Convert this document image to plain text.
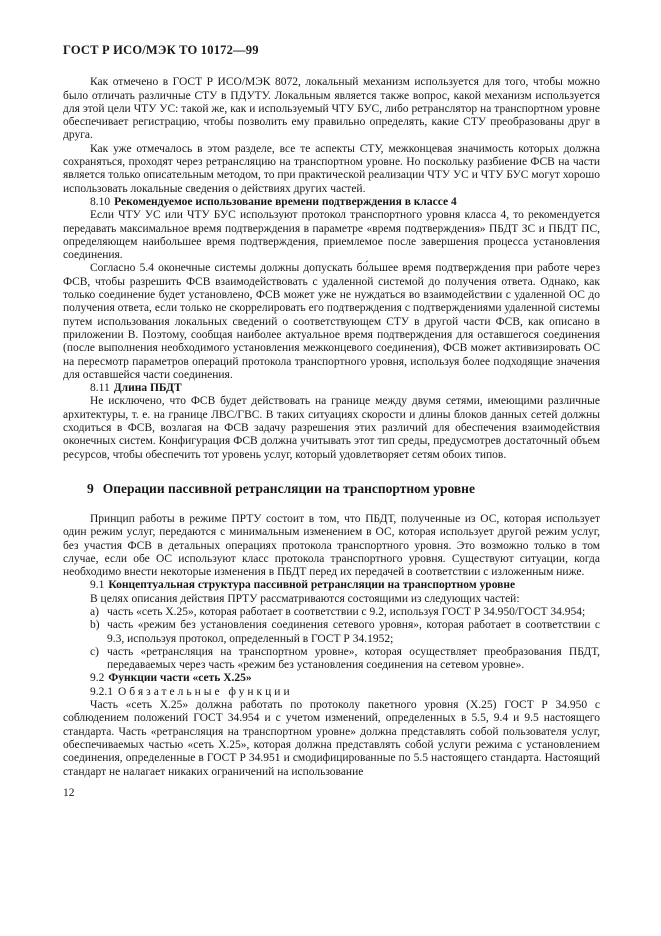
ГОСТ Р ИСО/МЭК ТО 10172—99

Как отмечено в ГОСТ Р ИСО/МЭК 8072, локальный механизм используется для того, чтобы можно было отличать различные СТУ в ПДУТУ. Локальным является также вопрос, какой механизм используется для этой цели ЧТУ УС: такой же, как и используемый ЧТУ БУС, либо ретранслятор на транспортном уровне обеспечивает регистрацию, чтобы позволить ему правильно определять, какие СТУ преобразованы друг в друга.

Как уже отмечалось в этом разделе, все те аспекты СТУ, межконцевая значимость которых должна сохраняться, проходят через ретрансляцию на транспортном уровне. Но поскольку разбиение ФСВ на части является только описательным методом, то при практической реализации ЧТУ УС и ЧТУ БУС могут хорошо использовать локальные сведения о действиях других частей.

8.10 Рекомендуемое использование времени подтверждения в классе 4

Если ЧТУ УС или ЧТУ БУС используют протокол транспортного уровня класса 4, то рекомендуется передавать максимальное время подтверждения в параметре «время подтверждения» ПБДТ ЗС и ПБДТ ПС, определяющем наибольшее время подтверждения, приемлемое после завершения процесса установления соединения.

Согласно 5.4 оконечные системы должны допускать бо́льшее время подтверждения при работе через ФСВ, чтобы разрешить ФСВ взаимодействовать с удаленной системой до получения ответа. Однако, как только соединение будет установлено, ФСВ может уже не нуждаться во взаимодействии с удаленной ОС до получения ответа, если только не скоррелировать его подтверждения с подтверждениями удаленной системы путем использования локальных сведений о соответствующем СТУ в другой части ФСВ, как описано в приложении В. Поэтому, сообщая наиболее актуальное время подтверждения для оставшегося соединения (после выполнения необходимого установления межконцевого соединения), ФСВ может активизировать ОС на пересмотр параметров операций протокола транспортного уровня, используя более подходящие значения для оставшейся части соединения.

8.11 Длина ПБДТ

Не исключено, что ФСВ будет действовать на границе между двумя сетями, имеющими различные архитектуры, т. е. на границе ЛВС/ГВС. В таких ситуациях скорости и длины блоков данных сетей должны сходиться в ФСВ, возлагая на ФСВ задачу разрешения этих различий для обеспечения взаимодействия оконечных систем. Конфигурация ФСВ должна учитывать этот тип среды, предусмотрев достаточный объем ресурсов, чтобы обеспечить тот уровень услуг, который удовлетворяет сетям обоих типов.

9 Операции пассивной ретрансляции на транспортном уровне

Принцип работы в режиме ПРТУ состоит в том, что ПБДТ, полученные из ОС, которая использует один режим услуг, передаются с минимальным изменением в ОС, которая использует другой режим услуг, без участия ФСВ в детальных операциях протокола транспортного уровня. Это возможно только в том случае, если обе ОС используют класс протокола транспортного уровня. Существуют ситуации, когда необходимо внести некоторые изменения в ПБДТ перед их передачей в соответствии с изложенным ниже.

9.1 Концептуальная структура пассивной ретрансляции на транспортном уровне

В целях описания действия ПРТУ рассматриваются состоящими из следующих частей:

a) часть «сеть Х.25», которая работает в соответствии с 9.2, используя ГОСТ Р 34.950/ГОСТ 34.954;
b) часть «режим без установления соединения сетевого уровня», которая работает в соответствии с 9.3, используя протокол, определенный в ГОСТ Р 34.1952;
c) часть «ретрансляция на транспортном уровне», которая осуществляет преобразования ПБДТ, передаваемых через часть «режим без установления соединения на сетевом уровне».
9.2 Функции части «сеть Х.25»
9.2.1 Обязательные функции

Часть «сеть Х.25» должна работать по протоколу пакетного уровня (Х.25) ГОСТ Р 34.950 с соблюдением положений ГОСТ 34.954 и с учетом изменений, определенных в 5.5, 9.4 и 9.5 настоящего стандарта. Часть «ретрансляция на транспортном уровне» должна представлять собой пользователя услуг, обеспечиваемых частью «сеть Х.25», которая должна представлять собой услуги режима с установлением соединения, определенные в ГОСТ Р 34.951 и смодифицированные по 5.5 настоящего стандарта. Настоящий стандарт не налагает никаких ограничений на использование

12
